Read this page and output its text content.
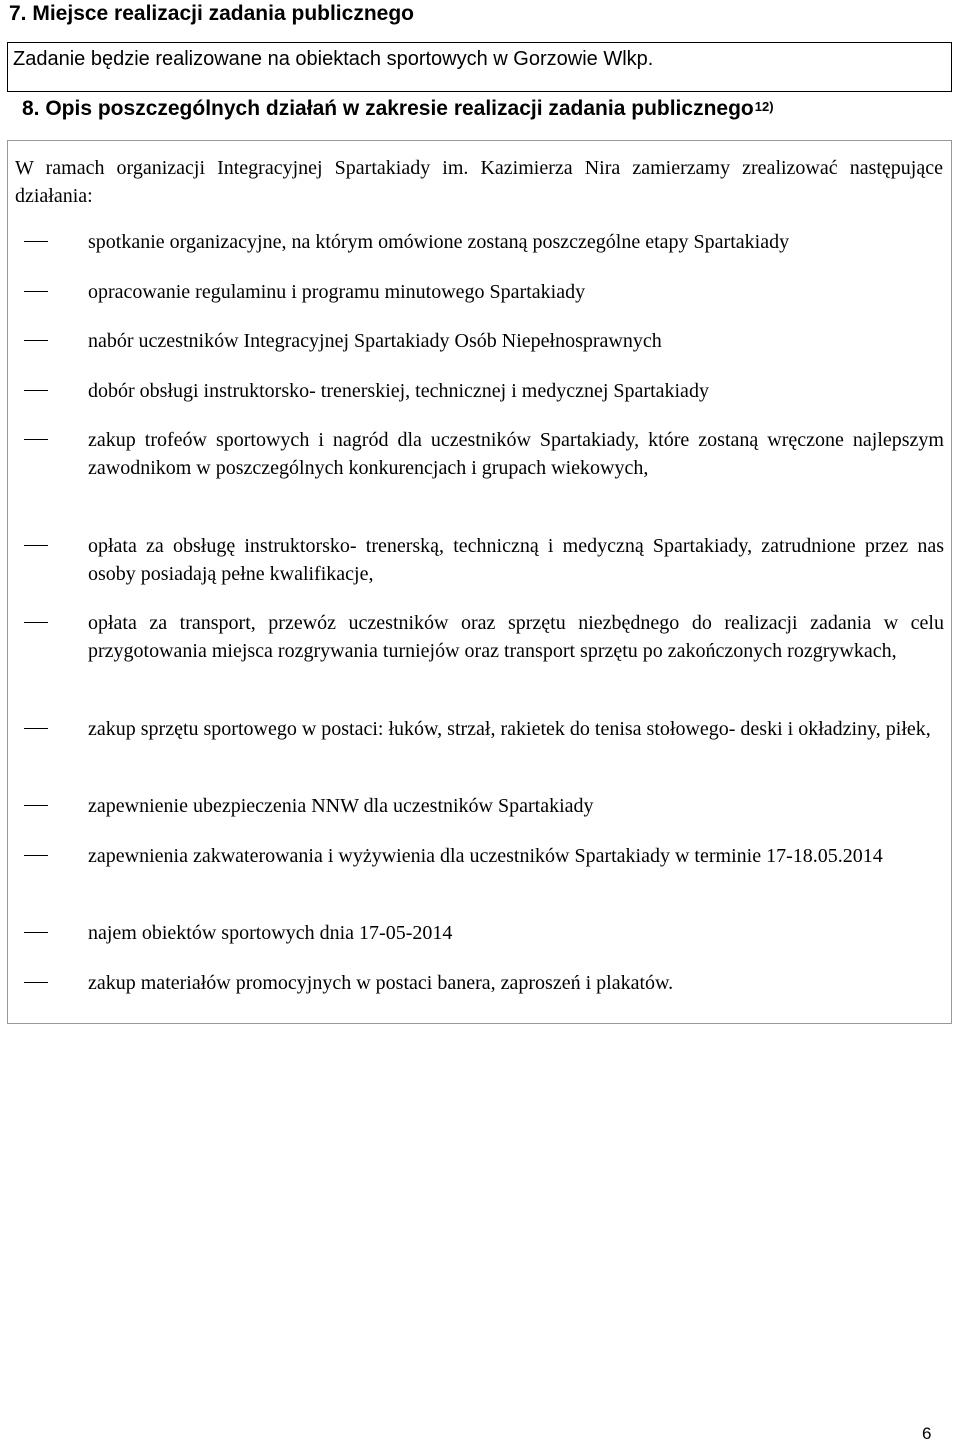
7. Miejsce realizacji zadania publicznego
Zadanie będzie realizowane na obiektach sportowych w Gorzowie Wlkp.
8. Opis poszczególnych działań w zakresie realizacji zadania publicznego$^{12)}$
W ramach organizacji Integracyjnej Spartakiady im. Kazimierza Nira zamierzamy zrealizować następujące działania:
spotkanie organizacyjne, na którym omówione zostaną poszczególne etapy Spartakiady
opracowanie regulaminu i programu minutowego Spartakiady
nabór uczestników Integracyjnej Spartakiady Osób Niepełnosprawnych
dobór obsługi instruktorsko- trenerskiej, technicznej i medycznej Spartakiady
zakup trofeów sportowych i nagród dla uczestników Spartakiady, które zostaną wręczone najlepszym zawodnikom w poszczególnych konkurencjach i grupach wiekowych,
opłata za obsługę instruktorsko- trenerską, techniczną i medyczną Spartakiady, zatrudnione przez nas osoby posiadają pełne kwalifikacje,
opłata za transport, przewóz uczestników oraz sprzętu niezbędnego do realizacji zadania w celu przygotowania miejsca rozgrywania turniejów oraz transport sprzętu po zakończonych rozgrywkach,
zakup sprzętu sportowego w postaci: łuków, strzał, rakietek do tenisa stołowego- deski i okładziny, piłek,
zapewnienie ubezpieczenia NNW dla uczestników Spartakiady
zapewnienia zakwaterowania i wyżywienia dla uczestników Spartakiady w terminie 17-18.05.2014
najem obiektów sportowych dnia 17-05-2014
zakup materiałów promocyjnych w postaci banera, zaproszeń i plakatów.
6
